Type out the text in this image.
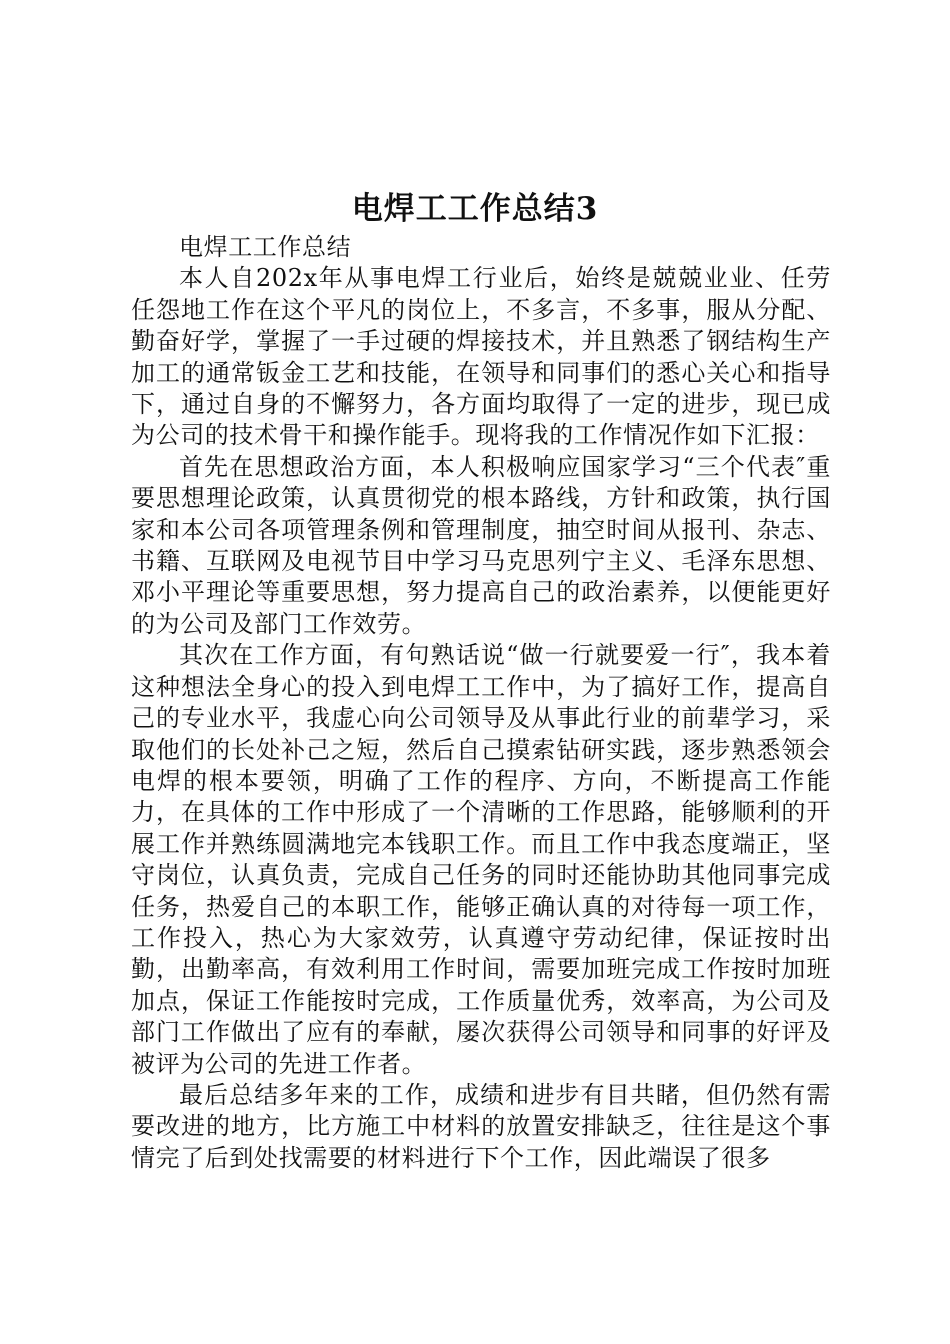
电焊工工作总结3

电焊工工作总结

本人自202x年从事电焊工行业后，始终是兢兢业业、任劳任怨地工作在这个平凡的岗位上，不多言，不多事，服从分配、勤奋好学，掌握了一手过硬的焊接技术，并且熟悉了钢结构生产加工的通常钣金工艺和技能，在领导和同事们的悉心关心和指导下，通过自身的不懈努力，各方面均取得了一定的进步，现已成为公司的技术骨干和操作能手。现将我的工作情况作如下汇报：

首先在思想政治方面，本人积极响应国家学习“三个代表″重要思想理论政策，认真贯彻党的根本路线，方针和政策，执行国家和本公司各项管理条例和管理制度，抽空时间从报刊、杂志、书籍、互联网及电视节目中学习马克思列宁主义、毛泽东思想、邓小平理论等重要思想，努力提高自己的政治素养，以便能更好的为公司及部门工作效劳。

其次在工作方面，有句熟话说“做一行就要爱一行″，我本着这种想法全身心的投入到电焊工工作中，为了搞好工作，提高自己的专业水平，我虚心向公司领导及从事此行业的前辈学习，采取他们的长处补己之短，然后自己摸索钻研实践，逐步熟悉领会电焊的根本要领，明确了工作的程序、方向，不断提高工作能力，在具体的工作中形成了一个清晰的工作思路，能够顺利的开展工作并熟练圆满地完本钱职工作。而且工作中我态度端正，坚守岗位，认真负责，完成自己任务的同时还能协助其他同事完成任务，热爱自己的本职工作，能够正确认真的对待每一项工作，工作投入，热心为大家效劳，认真遵守劳动纪律，保证按时出勤，出勤率高，有效利用工作时间，需要加班完成工作按时加班加点，保证工作能按时完成，工作质量优秀，效率高，为公司及部门工作做出了应有的奉献，屡次获得公司领导和同事的好评及被评为公司的先进工作者。

最后总结多年来的工作，成绩和进步有目共睹，但仍然有需要改进的地方，比方施工中材料的放置安排缺乏，往往是这个事情完了后到处找需要的材料进行下个工作，因此端误了很多
